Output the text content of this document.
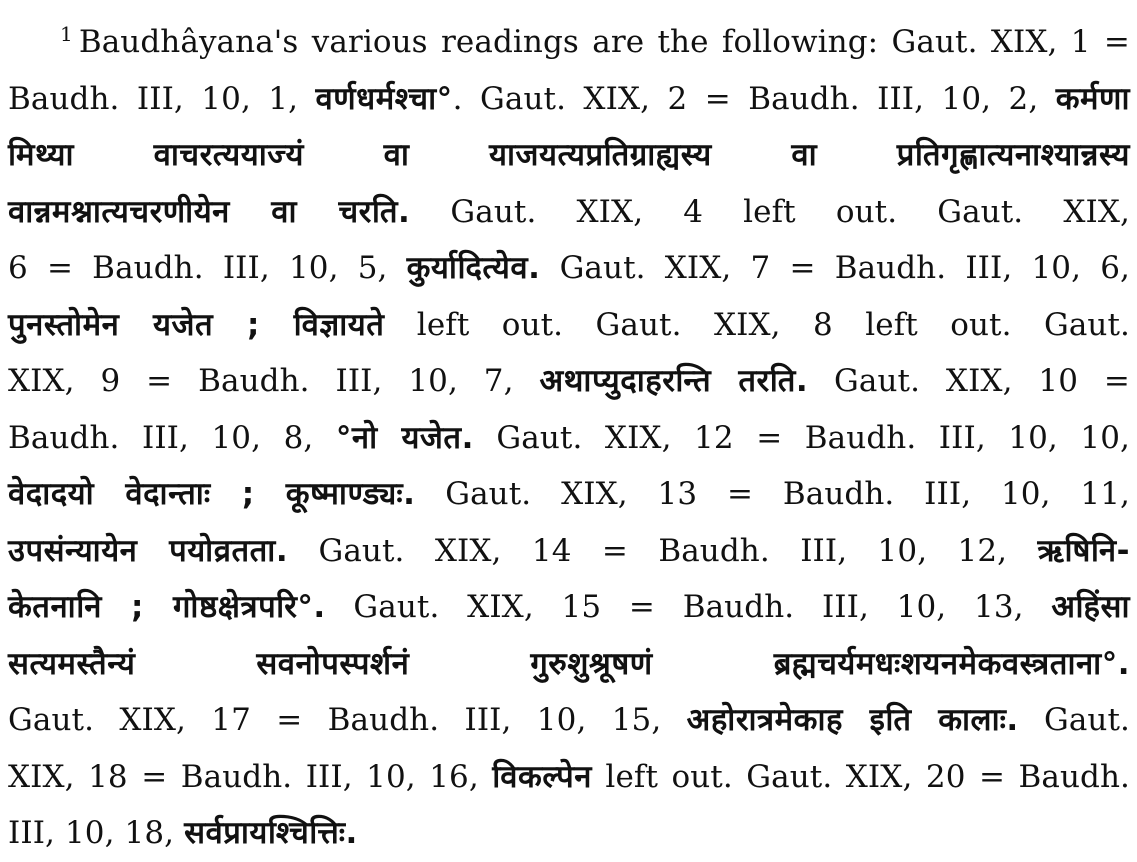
$^1$ Baudhâyana's various readings are the following: Gaut. XIX, 1 =
Baudh. III, 10, 1, वर्णधर्मश्चा°. Gaut. XIX, 2 = Baudh. III, 10, 2, कर्मणा
मिथ्या वाचरत्ययाज्यं वा याजयत्यप्रतिग्राह्यस्य वा प्रतिगृह्णात्यनाश्यान्नस्य
वान्नमश्नात्यचरणीयेन वा चरति. Gaut. XIX, 4 left out. Gaut. XIX,
6 = Baudh. III, 10, 5, कुर्यादित्येव. Gaut. XIX, 7 = Baudh. III, 10, 6,
पुनस्तोमेन यजेत ; विज्ञायते left out. Gaut. XIX, 8 left out. Gaut.
XIX, 9 = Baudh. III, 10, 7, अथाप्युदाहरन्ति तरति. Gaut. XIX, 10 =
Baudh. III, 10, 8, °नो यजेत. Gaut. XIX, 12 = Baudh. III, 10, 10,
वेदादयो वेदान्ताः ; कूष्माण्ड्यः. Gaut. XIX, 13 = Baudh. III, 10, 11,
उपसंन्यायेन पयोव्रतता. Gaut. XIX, 14 = Baudh. III, 10, 12, ऋषिनि-
केतनानि ; गोष्ठक्षेत्रपरि°. Gaut. XIX, 15 = Baudh. III, 10, 13, अहिंसा
सत्यमस्तैन्यं सवनोपस्पर्शनं गुरुशुश्रूषणं ब्रह्मचर्यमधःशयनमेकवस्त्रताना°.
Gaut. XIX, 17 = Baudh. III, 10, 15, अहोरात्रमेकाह इति कालाः. Gaut.
XIX, 18 = Baudh. III, 10, 16, विकल्पेन left out. Gaut. XIX, 20 = Baudh.
III, 10, 18, सर्वप्रायश्चित्तिः.
